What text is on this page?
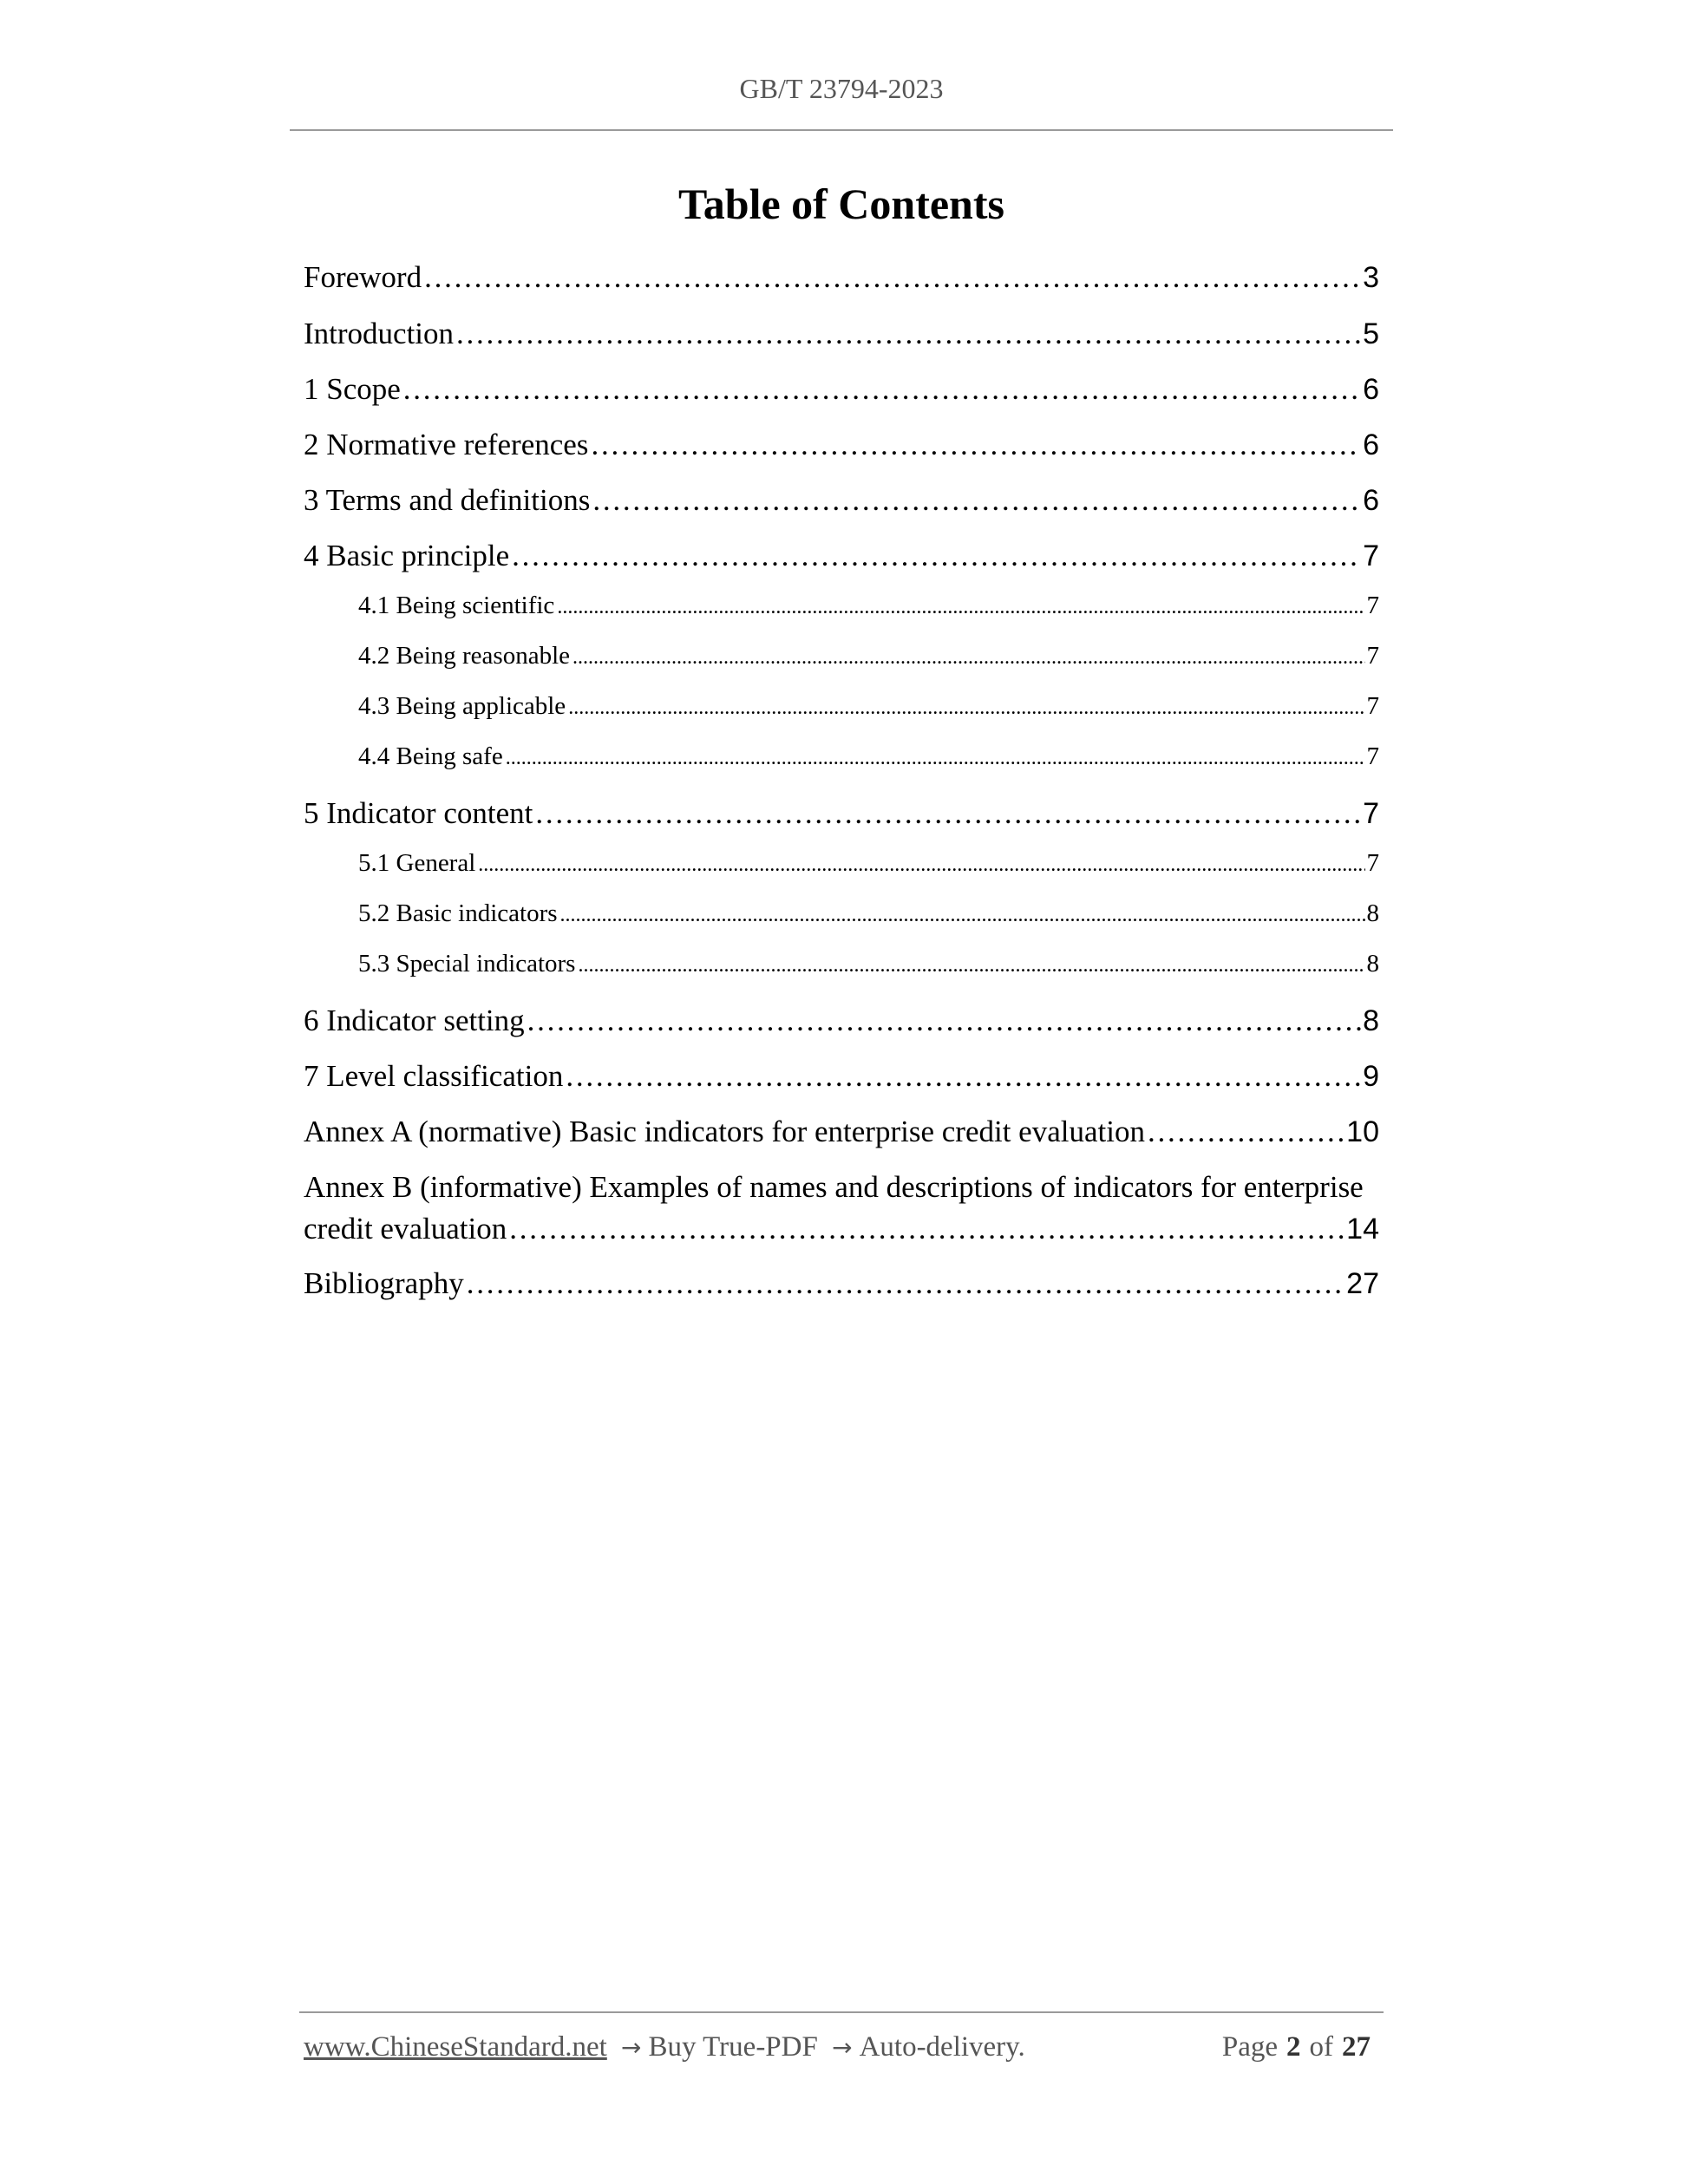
GB/T 23794-2023
Table of Contents
Foreword . . .	3
Introduction . . .	5
1 Scope . . .	6
2 Normative references . . .	6
3 Terms and definitions . . .	6
4 Basic principle . . .	7
4.1 Being scientific . . .	7
4.2 Being reasonable . . .	7
4.3 Being applicable . . .	7
4.4 Being safe . . .	7
5 Indicator content . . .	7
5.1 General . . .	7
5.2 Basic indicators . . .	8
5.3 Special indicators . . .	8
6 Indicator setting . . .	8
7 Level classification . . .	9
Annex A (normative) Basic indicators for enterprise credit evaluation . . .	10
Annex B (informative) Examples of names and descriptions of indicators for enterprise
credit evaluation . . .	14
Bibliography . . .	27
www.ChineseStandard.net → Buy True-PDF → Auto-delivery.	Page 2 of 27
